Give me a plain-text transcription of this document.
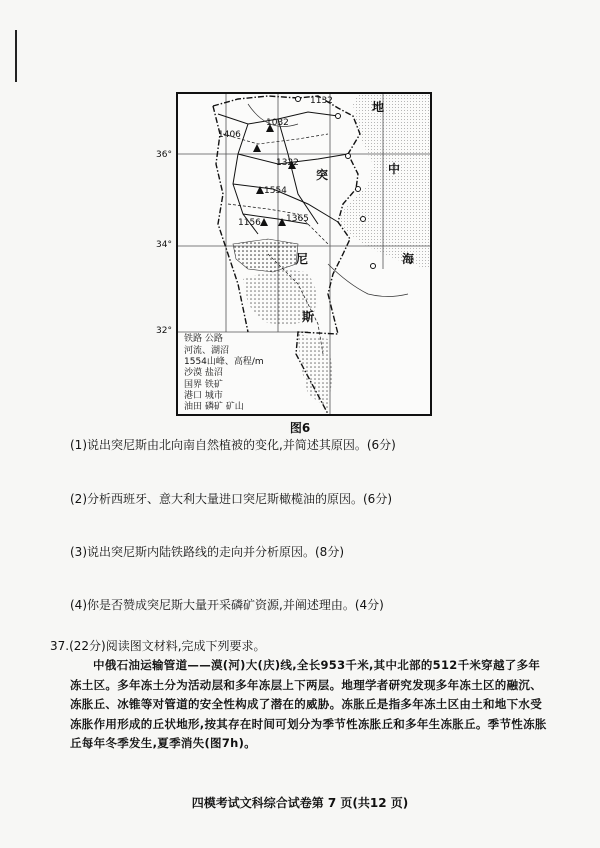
1132
1406
1322
1554
1365
1156
1032
地
中
海
突
尼
斯
铁路 公路
河流、湖沼
1554山峰、高程/m
沙漠 盐沼
国界 铁矿
港口 城市
油田 磷矿 矿山
36°
34°
32°
图6
(1)说出突尼斯由北向南自然植被的变化,并简述其原因。(6分)
(2)分析西班牙、意大利大量进口突尼斯橄榄油的原因。(6分)
(3)说出突尼斯内陆铁路线的走向并分析原因。(8分)
(4)你是否赞成突尼斯大量开采磷矿资源,并阐述理由。(4分)
37.(22分)阅读图文材料,完成下列要求。
中俄石油运输管道——漠(河)大(庆)线,全长953千米,其中北部的512千米穿越了多年冻土区。多年冻土分为活动层和多年冻层上下两层。地理学者研究发现多年冻土区的融沉、冻胀丘、冰锥等对管道的安全性构成了潜在的威胁。冻胀丘是指多年冻土区由土和地下水受冻胀作用形成的丘状地形,按其存在时间可划分为季节性冻胀丘和多年生冻胀丘。季节性冻胀丘每年冬季发生,夏季消失(图7h)。
四模考试文科综合试卷第 7 页(共12 页)
